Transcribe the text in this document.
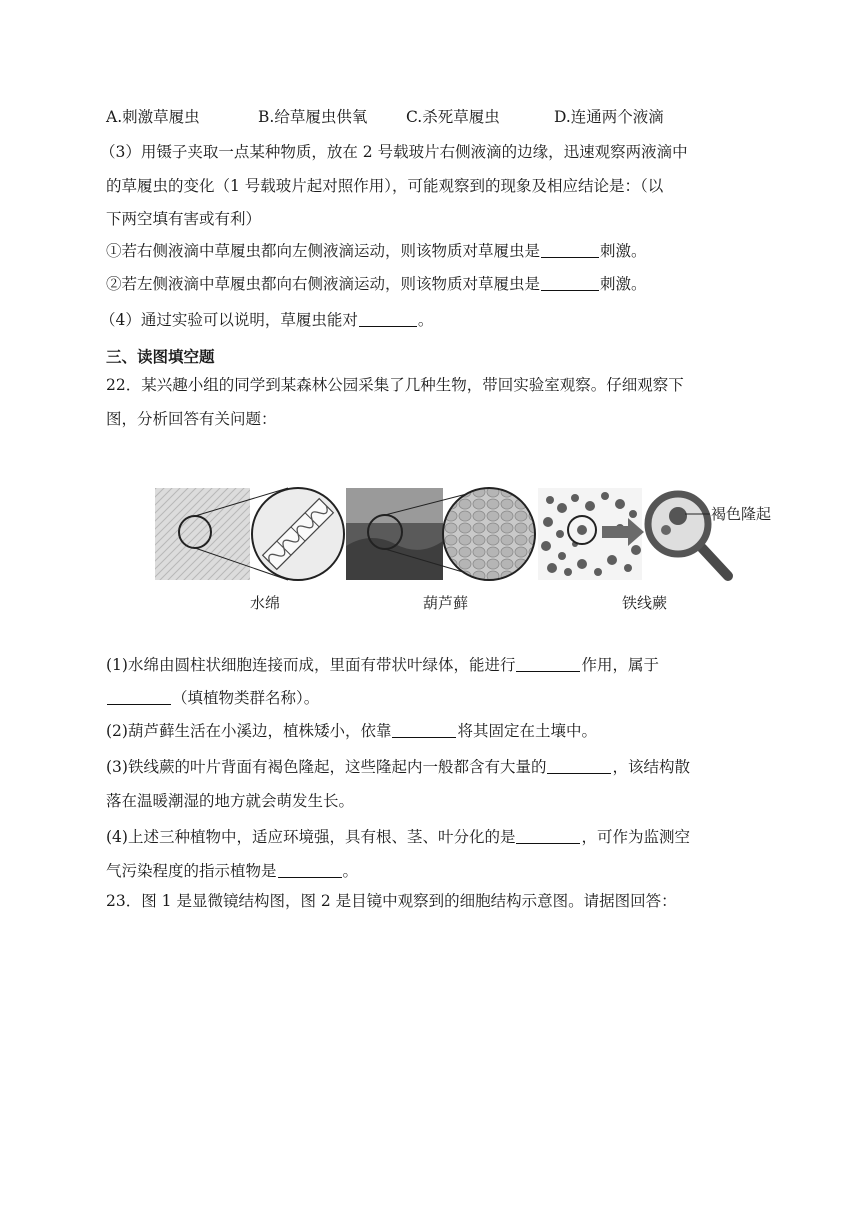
A.刺激草履虫	B.给草履虫供氧 C.杀死草履虫	D.连通两个液滴
（3）用镊子夹取一点某种物质，放在 2 号载玻片右侧液滴的边缘，迅速观察两液滴中
的草履虫的变化（1 号载玻片起对照作用），可能观察到的现象及相应结论是：（以
下两空填有害或有利）
①若右侧液滴中草履虫都向左侧液滴运动，则该物质对草履虫是	刺激。
②若左侧液滴中草履虫都向右侧液滴运动，则该物质对草履虫是	刺激。
（4）通过实验可以说明，草履虫能对	。
三、读图填空题
22．某兴趣小组的同学到某森林公园采集了几种生物，带回实验室观察。仔细观察下
图，分析回答有关问题：
褐色隆起
水绵	葫芦藓	铁线蕨
(1)水绵由圆柱状细胞连接而成，里面有带状叶绿体，能进行	作用，属于
（填植物类群名称）。
(2)葫芦藓生活在小溪边，植株矮小，依靠	将其固定在土壤中。
(3)铁线蕨的叶片背面有褐色隆起，这些隆起内一般都含有大量的	，该结构散
落在温暖潮湿的地方就会萌发生长。
(4)上述三种植物中，适应环境强，具有根、茎、叶分化的是	，可作为监测空
气污染程度的指示植物是	。
23．图 1 是显微镜结构图，图 2 是目镜中观察到的细胞结构示意图。请据图回答：
